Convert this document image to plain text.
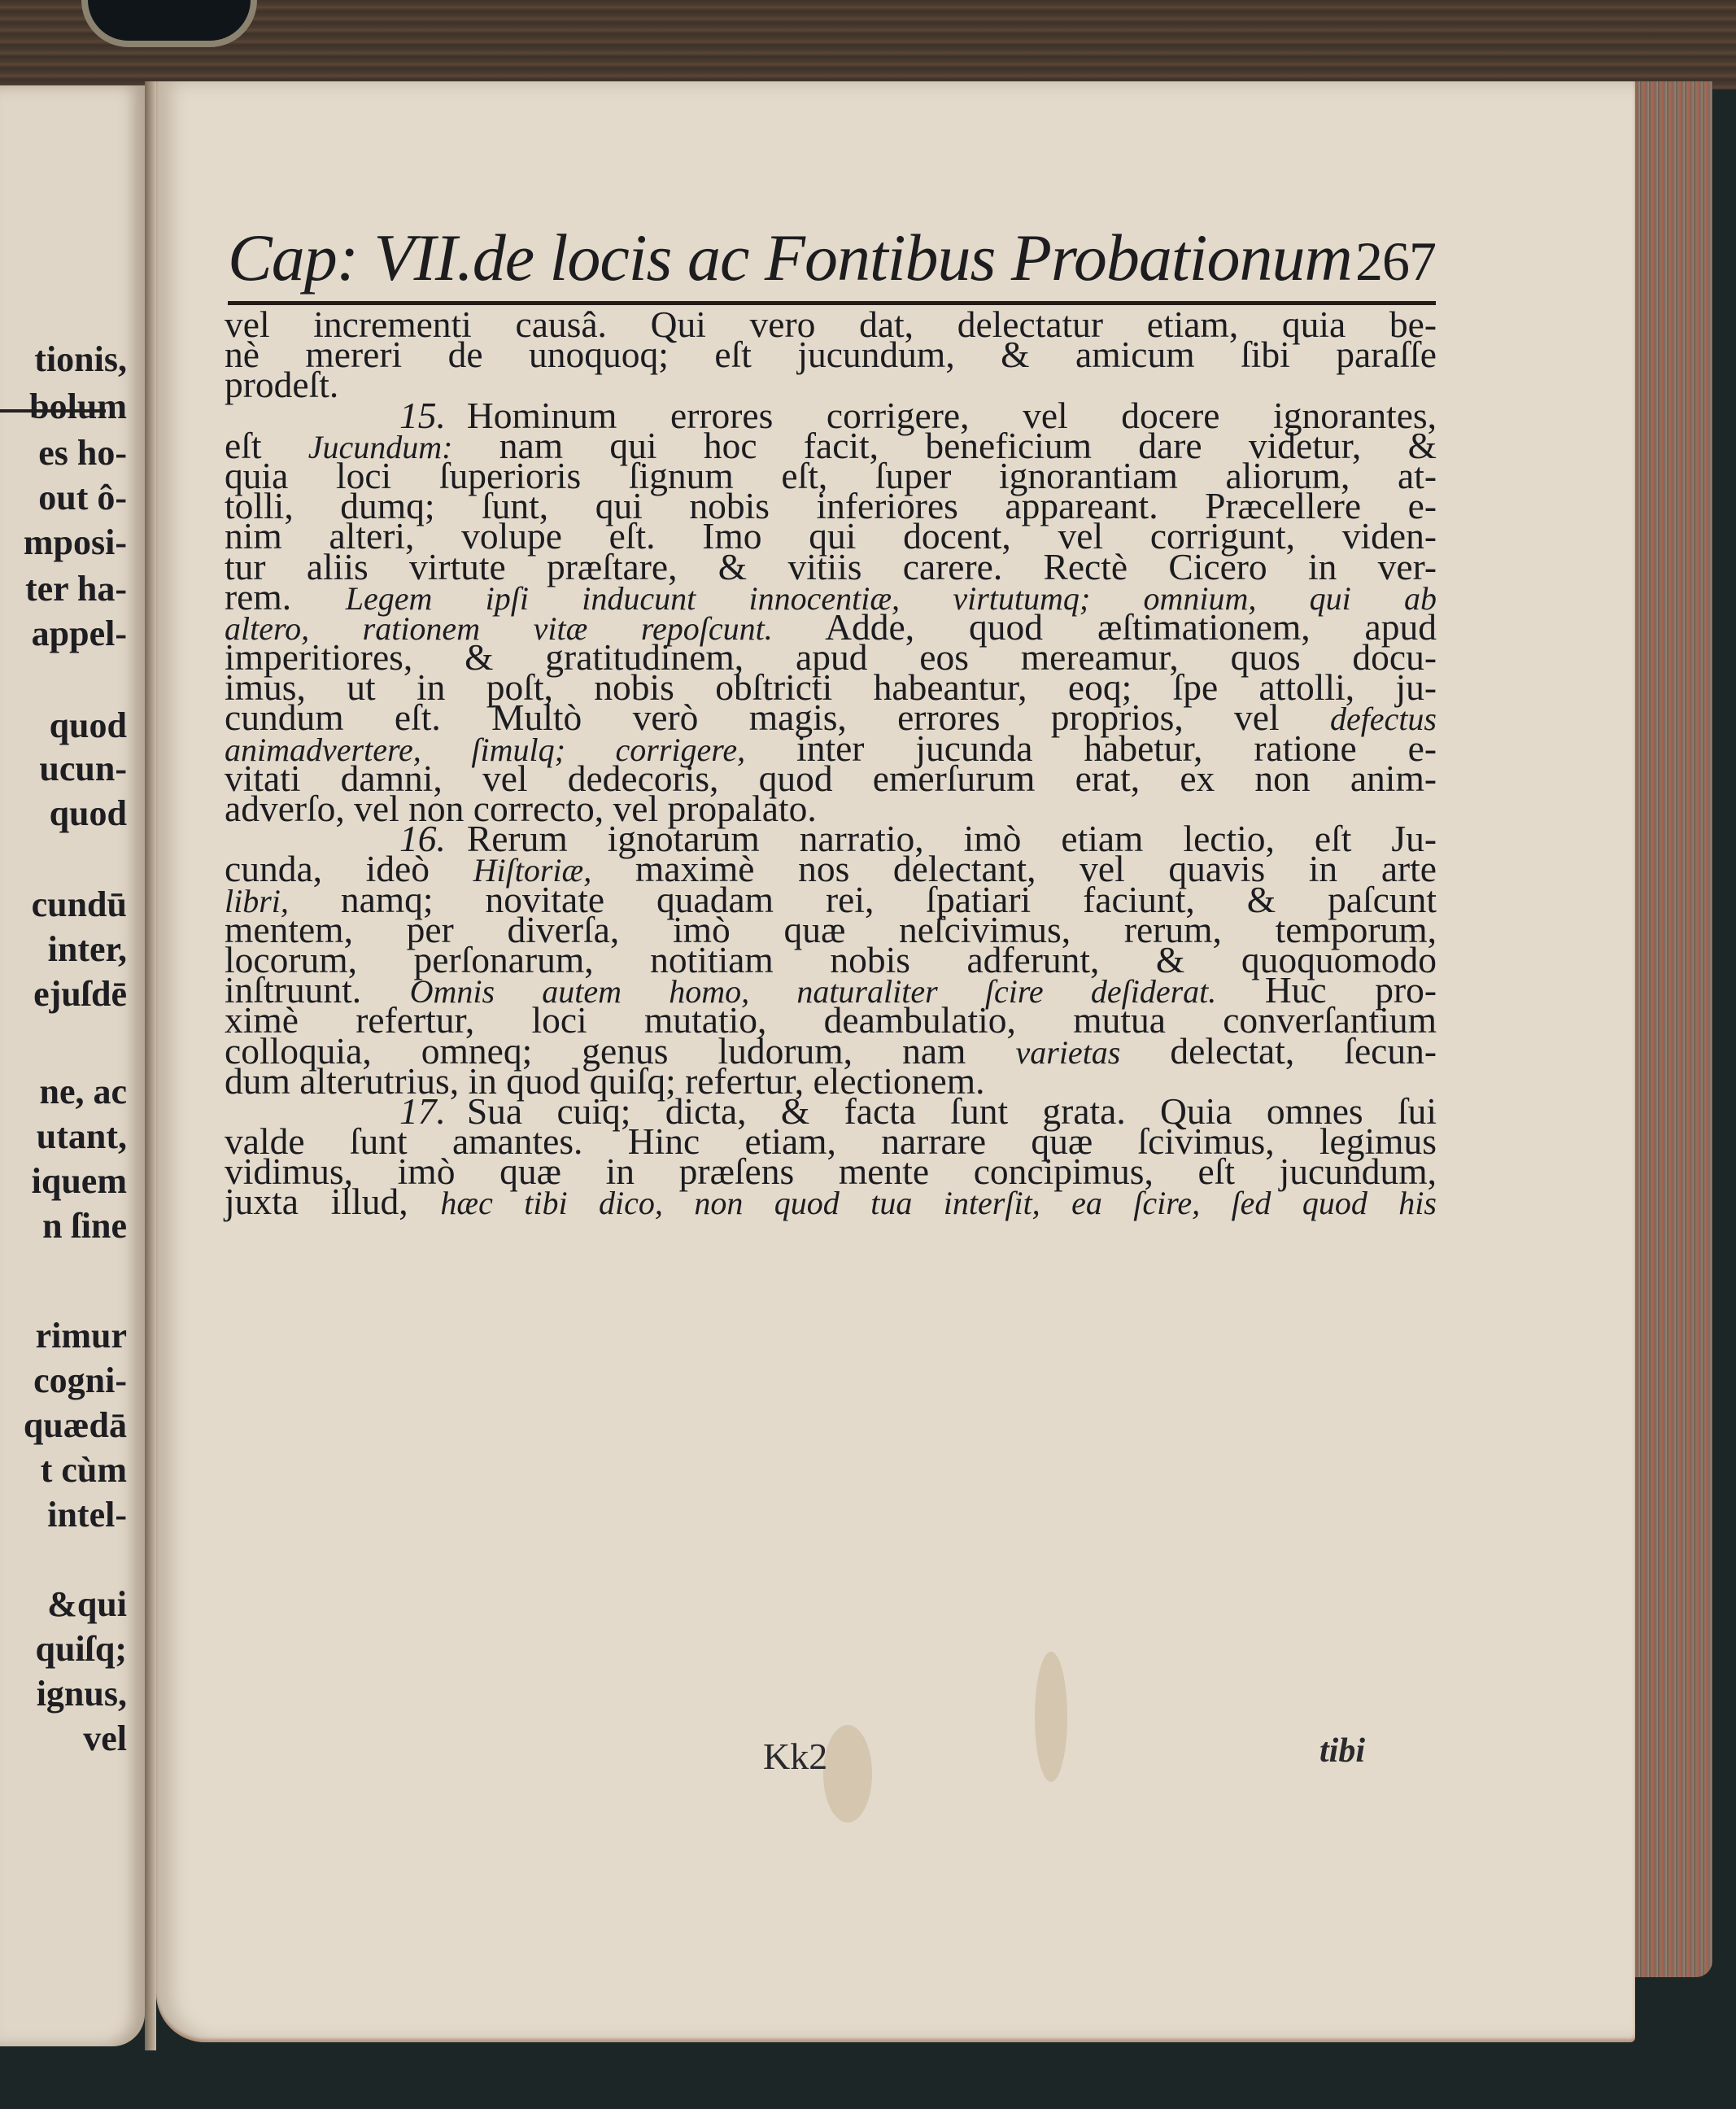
tionis,
bolum
es ho-
out ô-
mposi-
ter ha-
appel-
quod
ucun-
quod
cundū
inter,
ejuſdē
ne, ac
utant,
iquem
n ſine
rimur
cogni-
quædā
t cùm
intel-
&qui
quiſq;
ignus,
vel
Cap: VII.de locis ac Fontibus Probationum 267
vel incrementi causâ. Qui vero dat, delectatur etiam, quia be-
nè mereri de unoquoq; eſt jucundum, & amicum ſibi paraſſe
prodeſt.
15. Hominum errores corrigere, vel docere ignorantes,
eſt Jucundum: nam qui hoc facit, beneficium dare videtur, &
quia loci ſuperioris ſignum eſt, ſuper ignorantiam aliorum, at-
tolli, dumq; ſunt, qui nobis inferiores appareant. Præcellere e-
nim alteri, volupe eſt. Imo qui docent, vel corrigunt, viden-
tur aliis virtute præſtare, & vitiis carere. Rectè Cicero in ver-
rem. Legem ipſi inducunt innocentiæ, virtutumq; omnium, qui ab
altero, rationem vitæ repoſcunt. Adde, quod æſtimationem, apud
imperitiores, & gratitudinem, apud eos mereamur, quos docu-
imus, ut in poſt, nobis obſtricti habeantur, eoq; ſpe attolli, ju-
cundum eſt. Multò verò magis, errores proprios, vel defectus
animadvertere, ſimulq; corrigere, inter jucunda habetur, ratione e-
vitati damni, vel dedecoris, quod emerſurum erat, ex non anim-
adverſo, vel non correcto, vel propalato.
16. Rerum ignotarum narratio, imò etiam lectio, eſt Ju-
cunda, ideò Hiſtoriæ, maximè nos delectant, vel quavis in arte
libri, namq; novitate quadam rei, ſpatiari faciunt, & paſcunt
mentem, per diverſa, imò quæ neſcivimus, rerum, temporum,
locorum, perſonarum, notitiam nobis adferunt, & quoquomodo
inſtruunt. Omnis autem homo, naturaliter ſcire deſiderat. Huc pro-
ximè refertur, loci mutatio, deambulatio, mutua converſantium
colloquia, omneq; genus ludorum, nam varietas delectat, ſecun-
dum alterutrius, in quod quiſq; refertur, electionem.
17. Sua cuiq; dicta, & facta ſunt grata. Quia omnes ſui
valde ſunt amantes. Hinc etiam, narrare quæ ſcivimus, legimus
vidimus, imò quæ in præſens mente concipimus, eſt jucundum,
juxta illud, hæc tibi dico, non quod tua interſit, ea ſcire, ſed quod his
Kk2	tibi
